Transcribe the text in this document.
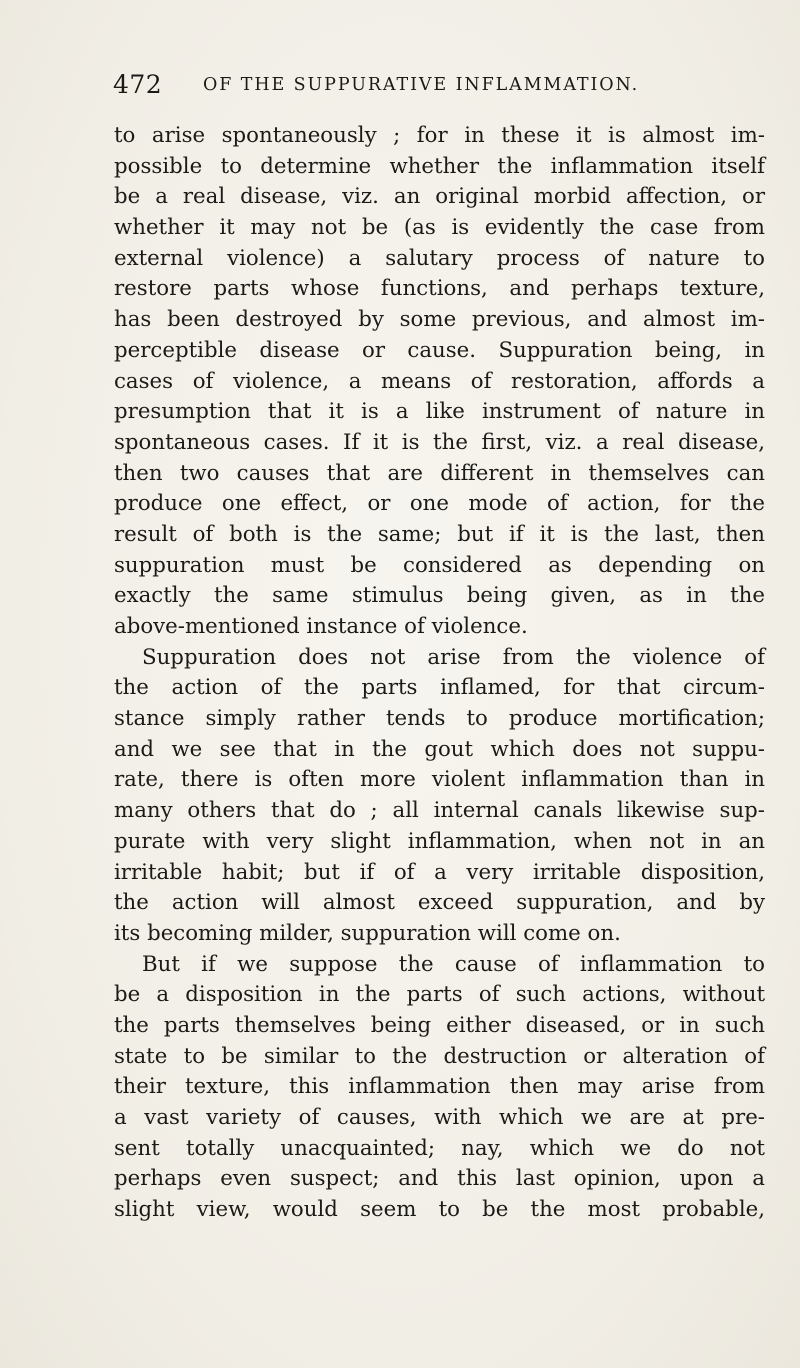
472 OF THE SUPPURATIVE INFLAMMATION.
to arise spontaneously ; for in these it is almost im-
possible to determine whether the inflammation itself
be a real disease, viz. an original morbid affection, or
whether it may not be (as is evidently the case from
external violence) a salutary process of nature to
restore parts whose functions, and perhaps texture,
has been destroyed by some previous, and almost im-
perceptible disease or cause. Suppuration being, in
cases of violence, a means of restoration, affords a
presumption that it is a like instrument of nature in
spontaneous cases. If it is the first, viz. a real disease,
then two causes that are different in themselves can
produce one effect, or one mode of action, for the
result of both is the same; but if it is the last, then
suppuration must be considered as depending on
exactly the same stimulus being given, as in the
above-mentioned instance of violence.
Suppuration does not arise from the violence of
the action of the parts inflamed, for that circum-
stance simply rather tends to produce mortification;
and we see that in the gout which does not suppu-
rate, there is often more violent inflammation than in
many others that do ; all internal canals likewise sup-
purate with very slight inflammation, when not in an
irritable habit; but if of a very irritable disposition,
the action will almost exceed suppuration, and by
its becoming milder, suppuration will come on.
But if we suppose the cause of inflammation to
be a disposition in the parts of such actions, without
the parts themselves being either diseased, or in such
state to be similar to the destruction or alteration of
their texture, this inflammation then may arise from
a vast variety of causes, with which we are at pre-
sent totally unacquainted; nay, which we do not
perhaps even suspect; and this last opinion, upon a
slight view, would seem to be the most probable,
